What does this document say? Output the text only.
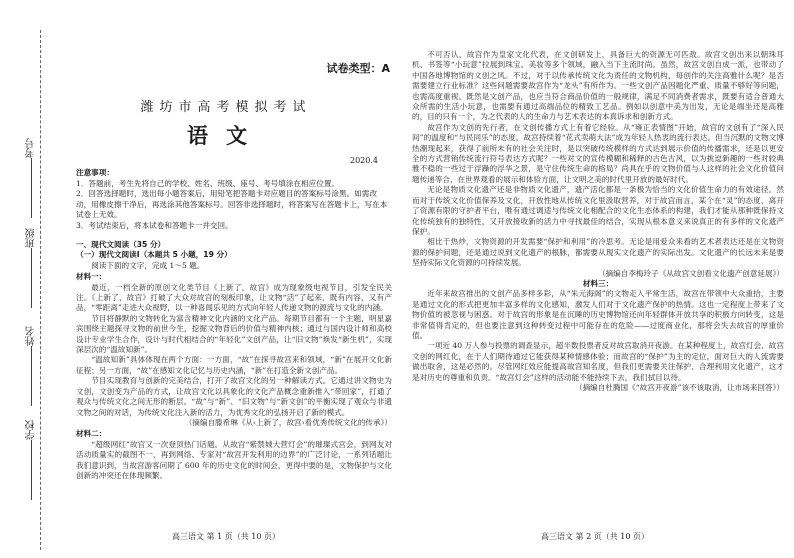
学校
姓名
班级
考号
试卷类型：A
潍坊市高考模拟考试
语文
2020.4
注意事项：
1．答题前，考生先将自己的学校、姓名、班级、座号、考号填涂在相应位置。
2．回答选择题时，选出每小题答案后，用铅笔把答题卡对应题目的答案标号涂黑。如需改动，用橡皮擦干净后，再选涂其他答案标号。回答非选择题时，将答案写在答题卡上，写在本试卷上无效。
3．考试结束后，将本试卷和答题卡一并交回。
一、现代文阅读（35 分）
（一）现代文阅读Ⅰ（本题共 5 小题，19 分）
阅读下面的文字，完成 1～5 题。
材料一：
最近，一档全新的原创文化类节目《上新了，故宫》成为现象级电视节目，引发全民关注。《上新了，故宫》打破了大众对故宫的刻板印象，让文物“活”了起来，既有内容，又有产品，“零距离”走进大众视野，以一种喜闻乐见的方式向年轻人传递文物的源流与文化的内涵。
节目将静默的文物转化为富含精神文化内涵的文化产品。每期节目都有一个主题，明星嘉宾围绕主题探寻文物的前世今生，挖掘文物背后的价值与精神内核；通过与国内设计师和高校设计专业学生合作，设计与时代相结合的“年轻化”文创产品，让“旧文物”焕发“新生机”，实现深层次的“温故知新”。
“温故知新”具体体现在两个方面：一方面，“故”在探寻故宫来和领域，“新”在展开文化新征程；另一方面，“故”在感知文化记忆与历史内涵，“新”在打造全新文创产品。
节目实现教育与创新的完美结合，打开了故宫文化的另一种解读方式。它通过讲文物史为文创，文创变为产品的方式，让故宫文化以具象化的文化产品概念重新推入“带回家”，打通了观众与传统文化之间无形的断层。“故”与“新”、“旧文物”与“新文创”的平衡实现了观众与非遗文物之间的对话，为传统文化注入新的活力，为优秀文化的弘扬开启了新的模式。
（摘编自滕希琳《从‹上新了，故宫›看优秀传统文化的传承》）
材料二：
“超级网红”故宫又一次登顶热门话题。从故宫“紫禁城大营灯会”的璀璨式宫会，到网友对活动质量实的截图不一，再到网络、专家对“故宫开发利用的边界”的广泛讨论，一系列话题让我们意识到，当故宫游客问期了 600 年的历史文化的时间会，更得中要的是，文物保护与文化创新的冲突还在体现频繁。
高三语文 第 1 页（共 10 页）
不可否认，故宫作为皇家文化代表，在文创研发上，具备巨大的资源无可匹敌。故宫文创出来以朝珠耳机、书签等“小玩意”拉展到珠宝、美妆等多个领域，融入当下主流时尚。虽然，故宫文创自成一派，也带动了中国各地博物馆的文创之风。不过，对于以传承传统文化为责任的文物机构，每创作的关注高雅什么呢？是否需要建立行业标准？这些问题需要故宫作为“龙头”有所作为。一些文创产品因题化严重、质量不够好等问题，也需高度重视。既然是文创产品，也应当符合商品价值的一般规律，满足不同消费者需求，既要有适合普通大众所需的生活小玩意，也需要有通过高端品位的精致工艺品。例如以创意中美为出发，无论是端坐还是高雅的，目的只有一个，为之代表的人的生命力与艺术表达的本真诉求和创新方式。
故宫作为文创的先行者，在文创传播方式上有着它经验。从“雍正表情图”开始，故宫的文创有了“深入民间”的温度和“与民同乐”的态度，故宫持续着“花式卖萌大法”成为年轻人热衷的流行表达。但当沉默的文物文博热潮现起来，获得了前所未有的社会关注时，是以突破传统模样的方式达到展示价值的传播需求，还是以更安全的方式营销传统流行符号表达方式呢？一些对文的宣传模糊和稀释的古色古风，以为挑逗新趣的一些对较典雅不稳的一些过于浮躁的浮华之景，是守住传统生命的格局？尚具在乎的文物价值与人这样的社会文化价值问题传递等合，在世界观看的展示和体验方面，让文明之美的时代里开放的最好时代。
无论是物质文化遗产还是非物质文化遗产，遗产活化都是一条极为恰当的文化价值生命力的有效途径。然而对于传统文化价值保养及文化，开放性地从传统文化里汲取营养，对于故宫而言，某个在“灵”的态度，离开了资源有限的守护者平台，唯有通过调适与传统文化相配合的文化生态体系的构建，我们才能从那种既保持文化传统独有的独特性，又开放接收新的活力中寻找最佳的结合，实现从根本意义来说真正的有多样的文化遗产保护。
相比于热炒，文物资源的开发需要“保护和利用”的冷思考。无论是用爱众来看的艺术者表达还是在文物资源的保护问题，还是通过说到文化遗产的根脉，都需要从现实文化遗产的实际出发。文化遗产的长远未来是要坚持实际文化资源的可持续发展。
（摘编自李梅玲子《从故宫文创看文化遗产创意延展》）
材料三：
近年来故宫推出的文创产品多样多彩，从“朱元海阁”的文物走入平常生活，故宫在带领中大众重拾，主要是通过文化的形式把更加丰富多样的文化感知，激发人们对于文化遗产保护的热情。这也一定程度上带来了文物价值的被忽视与困惑。对于故宫的形象是在沉睡的历史博物馆还向年轻群体开放共享的积极方向转变，这是非常值得肯定的，但也要注意到这种转变过程中可能存在的危险——过度商业化，那将会失去故宫的厚重价值。
一项近 40 万人参与投票的调查显示，超半数投票者反对故宫取消开夜游。在某种程度上，故宫灯会、故宫文创的网红化，在于人们期待通过它能获得某种情感体验；而故宫的“保护”为主的定位，面对巨大的人流需要做出取舍，这是必然的。尽管网红效应能提高故宫知名度，但我们更需要关注保护、合理利用文化遗产，这才是对历史的尊重和负责。“故宫灯会”这样的活动能不能持续下去，我们拭目以待。
（摘编自杜腾国《“故宫开夜游”该不该取消，让市场来回答》）
高三语文 第 2 页（共 10 页）
